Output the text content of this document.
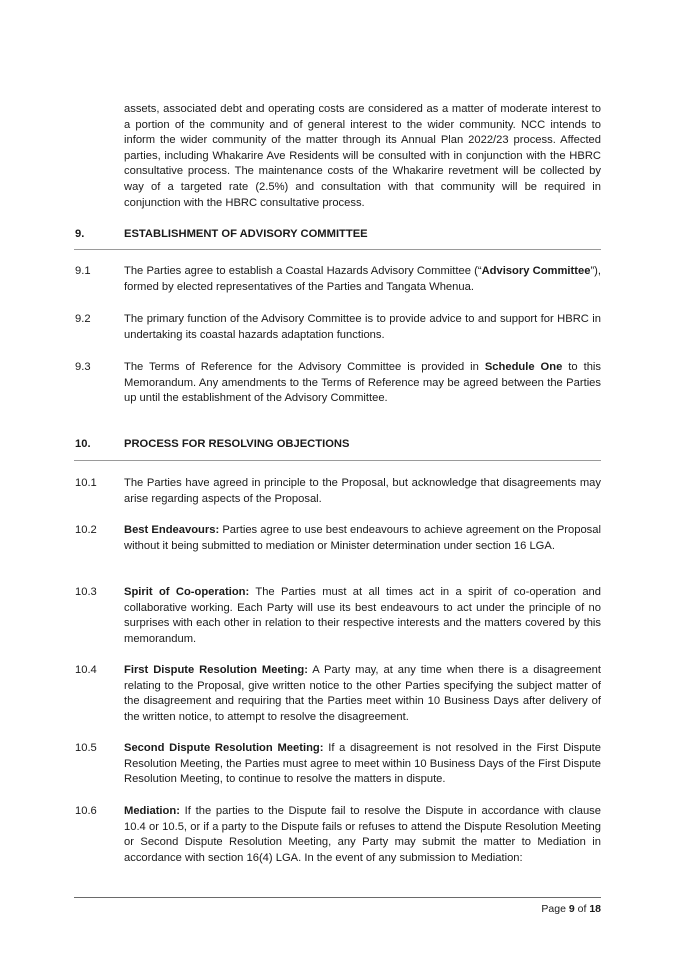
assets, associated debt and operating costs are considered as a matter of moderate interest to a portion of the community and of general interest to the wider community. NCC intends to inform the wider community of the matter through its Annual Plan 2022/23 process. Affected parties, including Whakarire Ave Residents will be consulted with in conjunction with the HBRC consultative process. The maintenance costs of the Whakarire revetment will be collected by way of a targeted rate (2.5%) and consultation with that community will be required in conjunction with the HBRC consultative process.
9.	ESTABLISHMENT OF ADVISORY COMMITTEE
9.1	The Parties agree to establish a Coastal Hazards Advisory Committee (“Advisory Committee”), formed by elected representatives of the Parties and Tangata Whenua.
9.2	The primary function of the Advisory Committee is to provide advice to and support for HBRC in undertaking its coastal hazards adaptation functions.
9.3	The Terms of Reference for the Advisory Committee is provided in Schedule One to this Memorandum. Any amendments to the Terms of Reference may be agreed between the Parties up until the establishment of the Advisory Committee.
10.	PROCESS FOR RESOLVING OBJECTIONS
10.1 The Parties have agreed in principle to the Proposal, but acknowledge that disagreements may arise regarding aspects of the Proposal.
10.2 Best Endeavours: Parties agree to use best endeavours to achieve agreement on the Proposal without it being submitted to mediation or Minister determination under section 16 LGA.
10.3 Spirit of Co-operation: The Parties must at all times act in a spirit of co-operation and collaborative working. Each Party will use its best endeavours to act under the principle of no surprises with each other in relation to their respective interests and the matters covered by this memorandum.
10.4 First Dispute Resolution Meeting: A Party may, at any time when there is a disagreement relating to the Proposal, give written notice to the other Parties specifying the subject matter of the disagreement and requiring that the Parties meet within 10 Business Days after delivery of the written notice, to attempt to resolve the disagreement.
10.5 Second Dispute Resolution Meeting: If a disagreement is not resolved in the First Dispute Resolution Meeting, the Parties must agree to meet within 10 Business Days of the First Dispute Resolution Meeting, to continue to resolve the matters in dispute.
10.6 Mediation: If the parties to the Dispute fail to resolve the Dispute in accordance with clause 10.4 or 10.5, or if a party to the Dispute fails or refuses to attend the Dispute Resolution Meeting or Second Dispute Resolution Meeting, any Party may submit the matter to Mediation in accordance with section 16(4) LGA. In the event of any submission to Mediation:
Page 9 of 18
